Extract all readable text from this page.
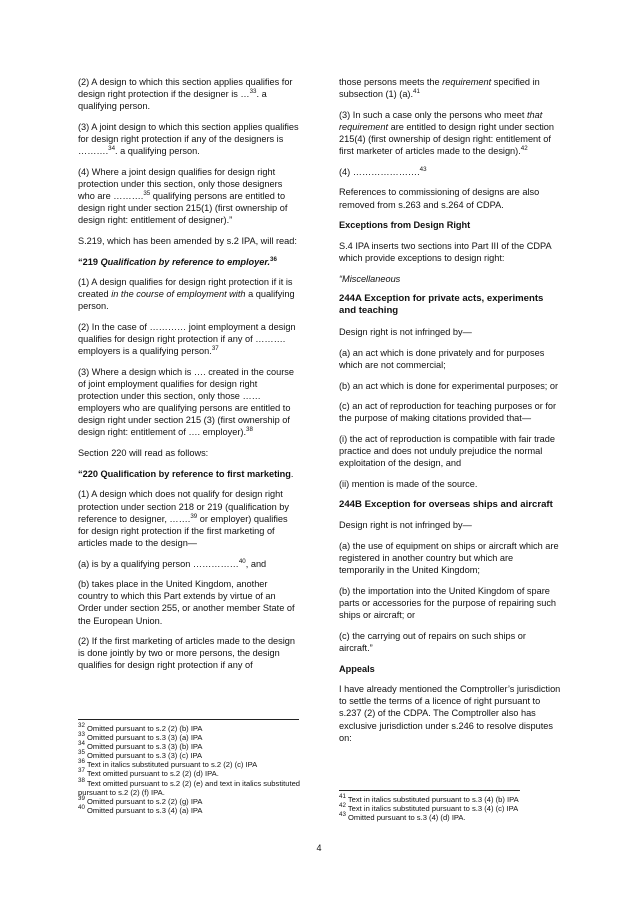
(2) A design to which this section applies qualifies for design right protection if the designer is …$^{33}$. a qualifying person.

(3) A joint design to which this section applies qualifies for design right protection if any of the designers is ……….$^{34}$. a qualifying person.

(4) Where a joint design qualifies for design right protection under this section, only those designers who are ……….$^{35}$ qualifying persons are entitled to design right under section 215(1) (first ownership of design right: entitlement of designer).”

S.219, which has been amended by s.2 IPA, will read:

“219 Qualification by reference to employer.$^{36}$

(1) A design qualifies for design right protection if it is created in the course of employment with a qualifying person.

(2) In the case of ………… joint employment a design qualifies for design right protection if any of ………. employers is a qualifying person.$^{37}$

(3) Where a design which is …. created in the course of joint employment qualifies for design right protection under this section, only those …… employers who are qualifying persons are entitled to design right under section 215 (3) (first ownership of design right: entitlement of …. employer).$^{38}$

Section 220 will read as follows:

“220 Qualification by reference to first marketing.

(1) A design which does not qualify for design right protection under section 218 or 219 (qualification by reference to designer, …….$^{39}$ or employer) qualifies for design right protection if the first marketing of articles made to the design—

(a) is by a qualifying person ……………$^{40}$, and

(b) takes place in the United Kingdom, another country to which this Part extends by virtue of an Order under section 255, or another member State of the European Union.

(2) If the first marketing of articles made to the design is done jointly by two or more persons, the design qualifies for design right protection if any of

those persons meets the requirement specified in subsection (1) (a).$^{41}$

(3) In such a case only the persons who meet that requirement are entitled to design right under section 215(4) (first ownership of design right: entitlement of first marketer of articles made to the design).$^{42}$

(4) ………………….$^{43}$

References to commissioning of designs are also removed from s.263 and s.264 of CDPA.

Exceptions from Design Right

S.4 IPA inserts two sections into Part III of the CDPA which provide exceptions to design right:

“Miscellaneous

244A Exception for private acts, experiments and teaching

Design right is not infringed by—

(a) an act which is done privately and for purposes which are not commercial;

(b) an act which is done for experimental purposes; or

(c) an act of reproduction for teaching purposes or for the purpose of making citations provided that—

(i) the act of reproduction is compatible with fair trade practice and does not unduly prejudice the normal exploitation of the design, and

(ii) mention is made of the source.

244B Exception for overseas ships and aircraft

Design right is not infringed by—

(a) the use of equipment on ships or aircraft which are registered in another country but which are temporarily in the United Kingdom;

(b) the importation into the United Kingdom of spare parts or accessories for the purpose of repairing such ships or aircraft; or

(c) the carrying out of repairs on such ships or aircraft.”

Appeals

I have already mentioned the Comptroller’s jurisdiction to settle the terms of a licence of right pursuant to s.237 (2) of the CDPA. The Comptroller also has exclusive jurisdiction under s.246 to resolve disputes on:

$^{32}$ Omitted pursuant to s.2 (2) (b) IPA
$^{33}$ Omitted pursuant to s.3 (3) (a) IPA
$^{34}$ Omitted pursuant to s.3 (3) (b) IPA
$^{35}$ Omitted pursuant to s.3 (3) (c) IPA
$^{36}$ Text in italics substituted pursuant to s.2 (2) (c) IPA
$^{37}$ Text omitted pursuant to s.2 (2) (d) IPA.
$^{38}$ Text omitted pursuant to s.2 (2) (e) and text in italics substituted pursuant to s.2 (2) (f) IPA.
$^{39}$ Omitted pursuant to s.2 (2) (g) IPA
$^{40}$ Omitted pursuant to s.3 (4) (a) IPA
$^{41}$ Text in italics substituted pursuant to s.3 (4) (b) IPA
$^{42}$ Text in italics substituted pursuant to s.3 (4) (c) IPA
$^{43}$ Omitted pursuant to s.3 (4) (d) IPA.
4
